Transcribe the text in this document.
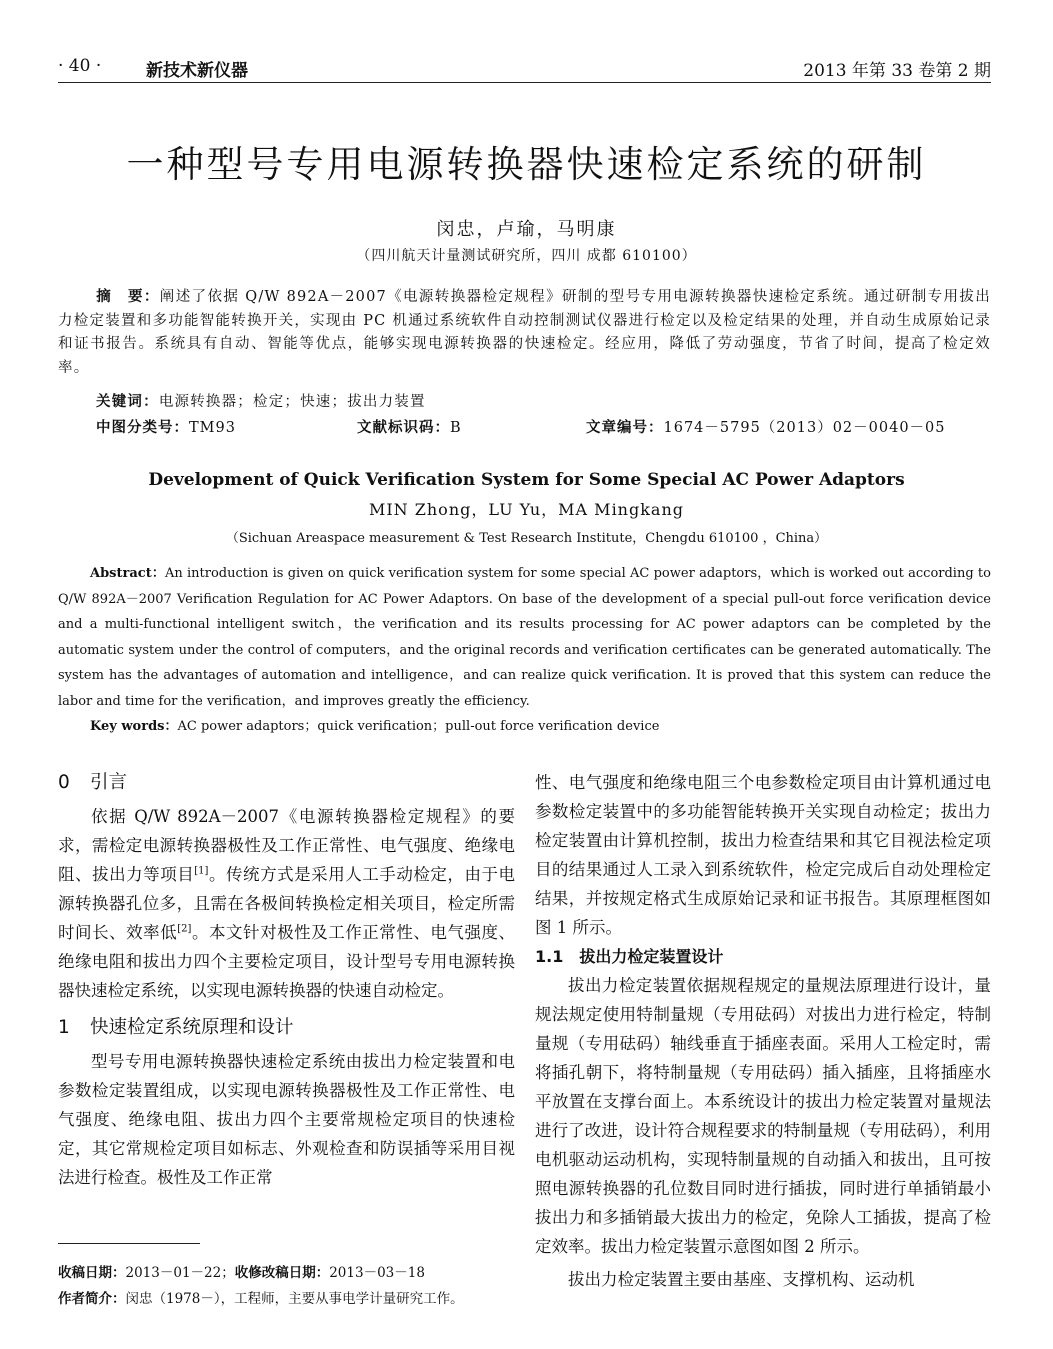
· 40 ·	新技术新仪器	2013 年第 33 卷第 2 期
一种型号专用电源转换器快速检定系统的研制
闵忠，卢瑜，马明康
（四川航天计量测试研究所，四川 成都 610100）
摘　要：阐述了依据 Q/W 892A－2007《电源转换器检定规程》研制的型号专用电源转换器快速检定系统。通过研制专用拔出力检定装置和多功能智能转换开关，实现由 PC 机通过系统软件自动控制测试仪器进行检定以及检定结果的处理，并自动生成原始记录和证书报告。系统具有自动、智能等优点，能够实现电源转换器的快速检定。经应用，降低了劳动强度，节省了时间，提高了检定效率。
关键词：电源转换器；检定；快速；拔出力装置
中图分类号：TM93	文献标识码：B	文章编号：1674－5795（2013）02－0040－05
Development of Quick Verification System for Some Special AC Power Adaptors
MIN Zhong，LU Yu，MA Mingkang
（Sichuan Areaspace measurement & Test Research Institute，Chengdu 610100 ，China）
Abstract：An introduction is given on quick verification system for some special AC power adaptors，which is worked out according to Q/W 892A－2007 Verification Regulation for AC Power Adaptors. On base of the development of a special pull-out force verification device and a multi-functional intelligent switch，the verification and its results processing for AC power adaptors can be completed by the automatic system under the control of computers，and the original records and verification certificates can be generated automatically. The system has the advantages of automation and intelligence，and can realize quick verification. It is proved that this system can reduce the labor and time for the verification，and improves greatly the efficiency.
Key words：AC power adaptors；quick verification；pull-out force verification device
0 引言

依据 Q/W 892A－2007《电源转换器检定规程》的要求，需检定电源转换器极性及工作正常性、电气强度、绝缘电阻、拔出力等项目[1]。传统方式是采用人工手动检定，由于电源转换器孔位多，且需在各极间转换检定相关项目，检定所需时间长、效率低[2]。本文针对极性及工作正常性、电气强度、绝缘电阻和拔出力四个主要检定项目，设计型号专用电源转换器快速检定系统，以实现电源转换器的快速自动检定。

1 快速检定系统原理和设计

型号专用电源转换器快速检定系统由拔出力检定装置和电参数检定装置组成，以实现电源转换器极性及工作正常性、电气强度、绝缘电阻、拔出力四个主要常规检定项目的快速检定，其它常规检定项目如标志、外观检查和防误插等采用目视法进行检查。极性及工作正常

性、电气强度和绝缘电阻三个电参数检定项目由计算机通过电参数检定装置中的多功能智能转换开关实现自动检定；拔出力检定装置由计算机控制，拔出力检查结果和其它目视法检定项目的结果通过人工录入到系统软件，检定完成后自动处理检定结果，并按规定格式生成原始记录和证书报告。其原理框图如图 1 所示。

1.1　 拔出力检定装置设计

拔出力检定装置依据规程规定的量规法原理进行设计，量规法规定使用特制量规（专用砝码）对拔出力进行检定，特制量规（专用砝码）轴线垂直于插座表面。采用人工检定时，需将插孔朝下，将特制量规（专用砝码）插入插座，且将插座水平放置在支撑台面上。本系统设计的拔出力检定装置对量规法进行了改进，设计符合规程要求的特制量规（专用砝码），利用电机驱动运动机构，实现特制量规的自动插入和拔出，且可按照电源转换器的孔位数目同时进行插拔，同时进行单插销最小拔出力和多插销最大拔出力的检定，免除人工插拔，提高了检定效率。拔出力检定装置示意图如图 2 所示。

拔出力检定装置主要由基座、支撑机构、运动机

收稿日期：2013－01－22；收修改稿日期：2013－03－18
作者简介：闵忠（1978－），工程师，主要从事电学计量研究工作。
